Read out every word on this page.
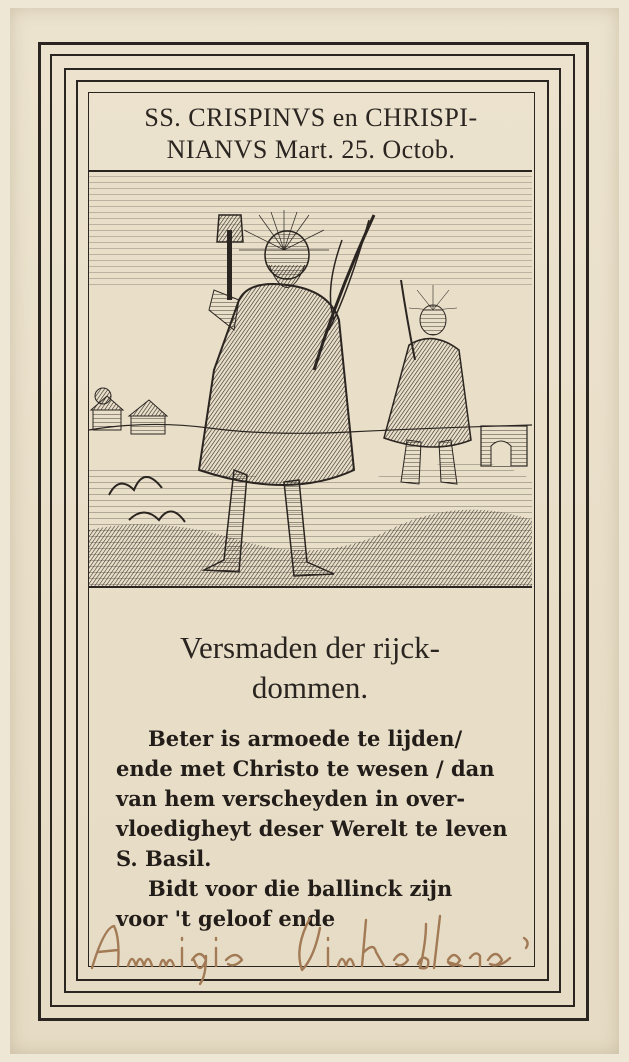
SS. CRISPINVS en CHRISPI-
NIANVS Mart. 25. Octob.
Versmaden der rijck-
dommen.
Beter is armoede te lijden/
ende met Christo te wesen / dan
van hem verscheyden in over-
vloedigheyt deser Werelt te leven
S. Basil.
Bidt voor die ballinck zijn
voor 't geloof ende
